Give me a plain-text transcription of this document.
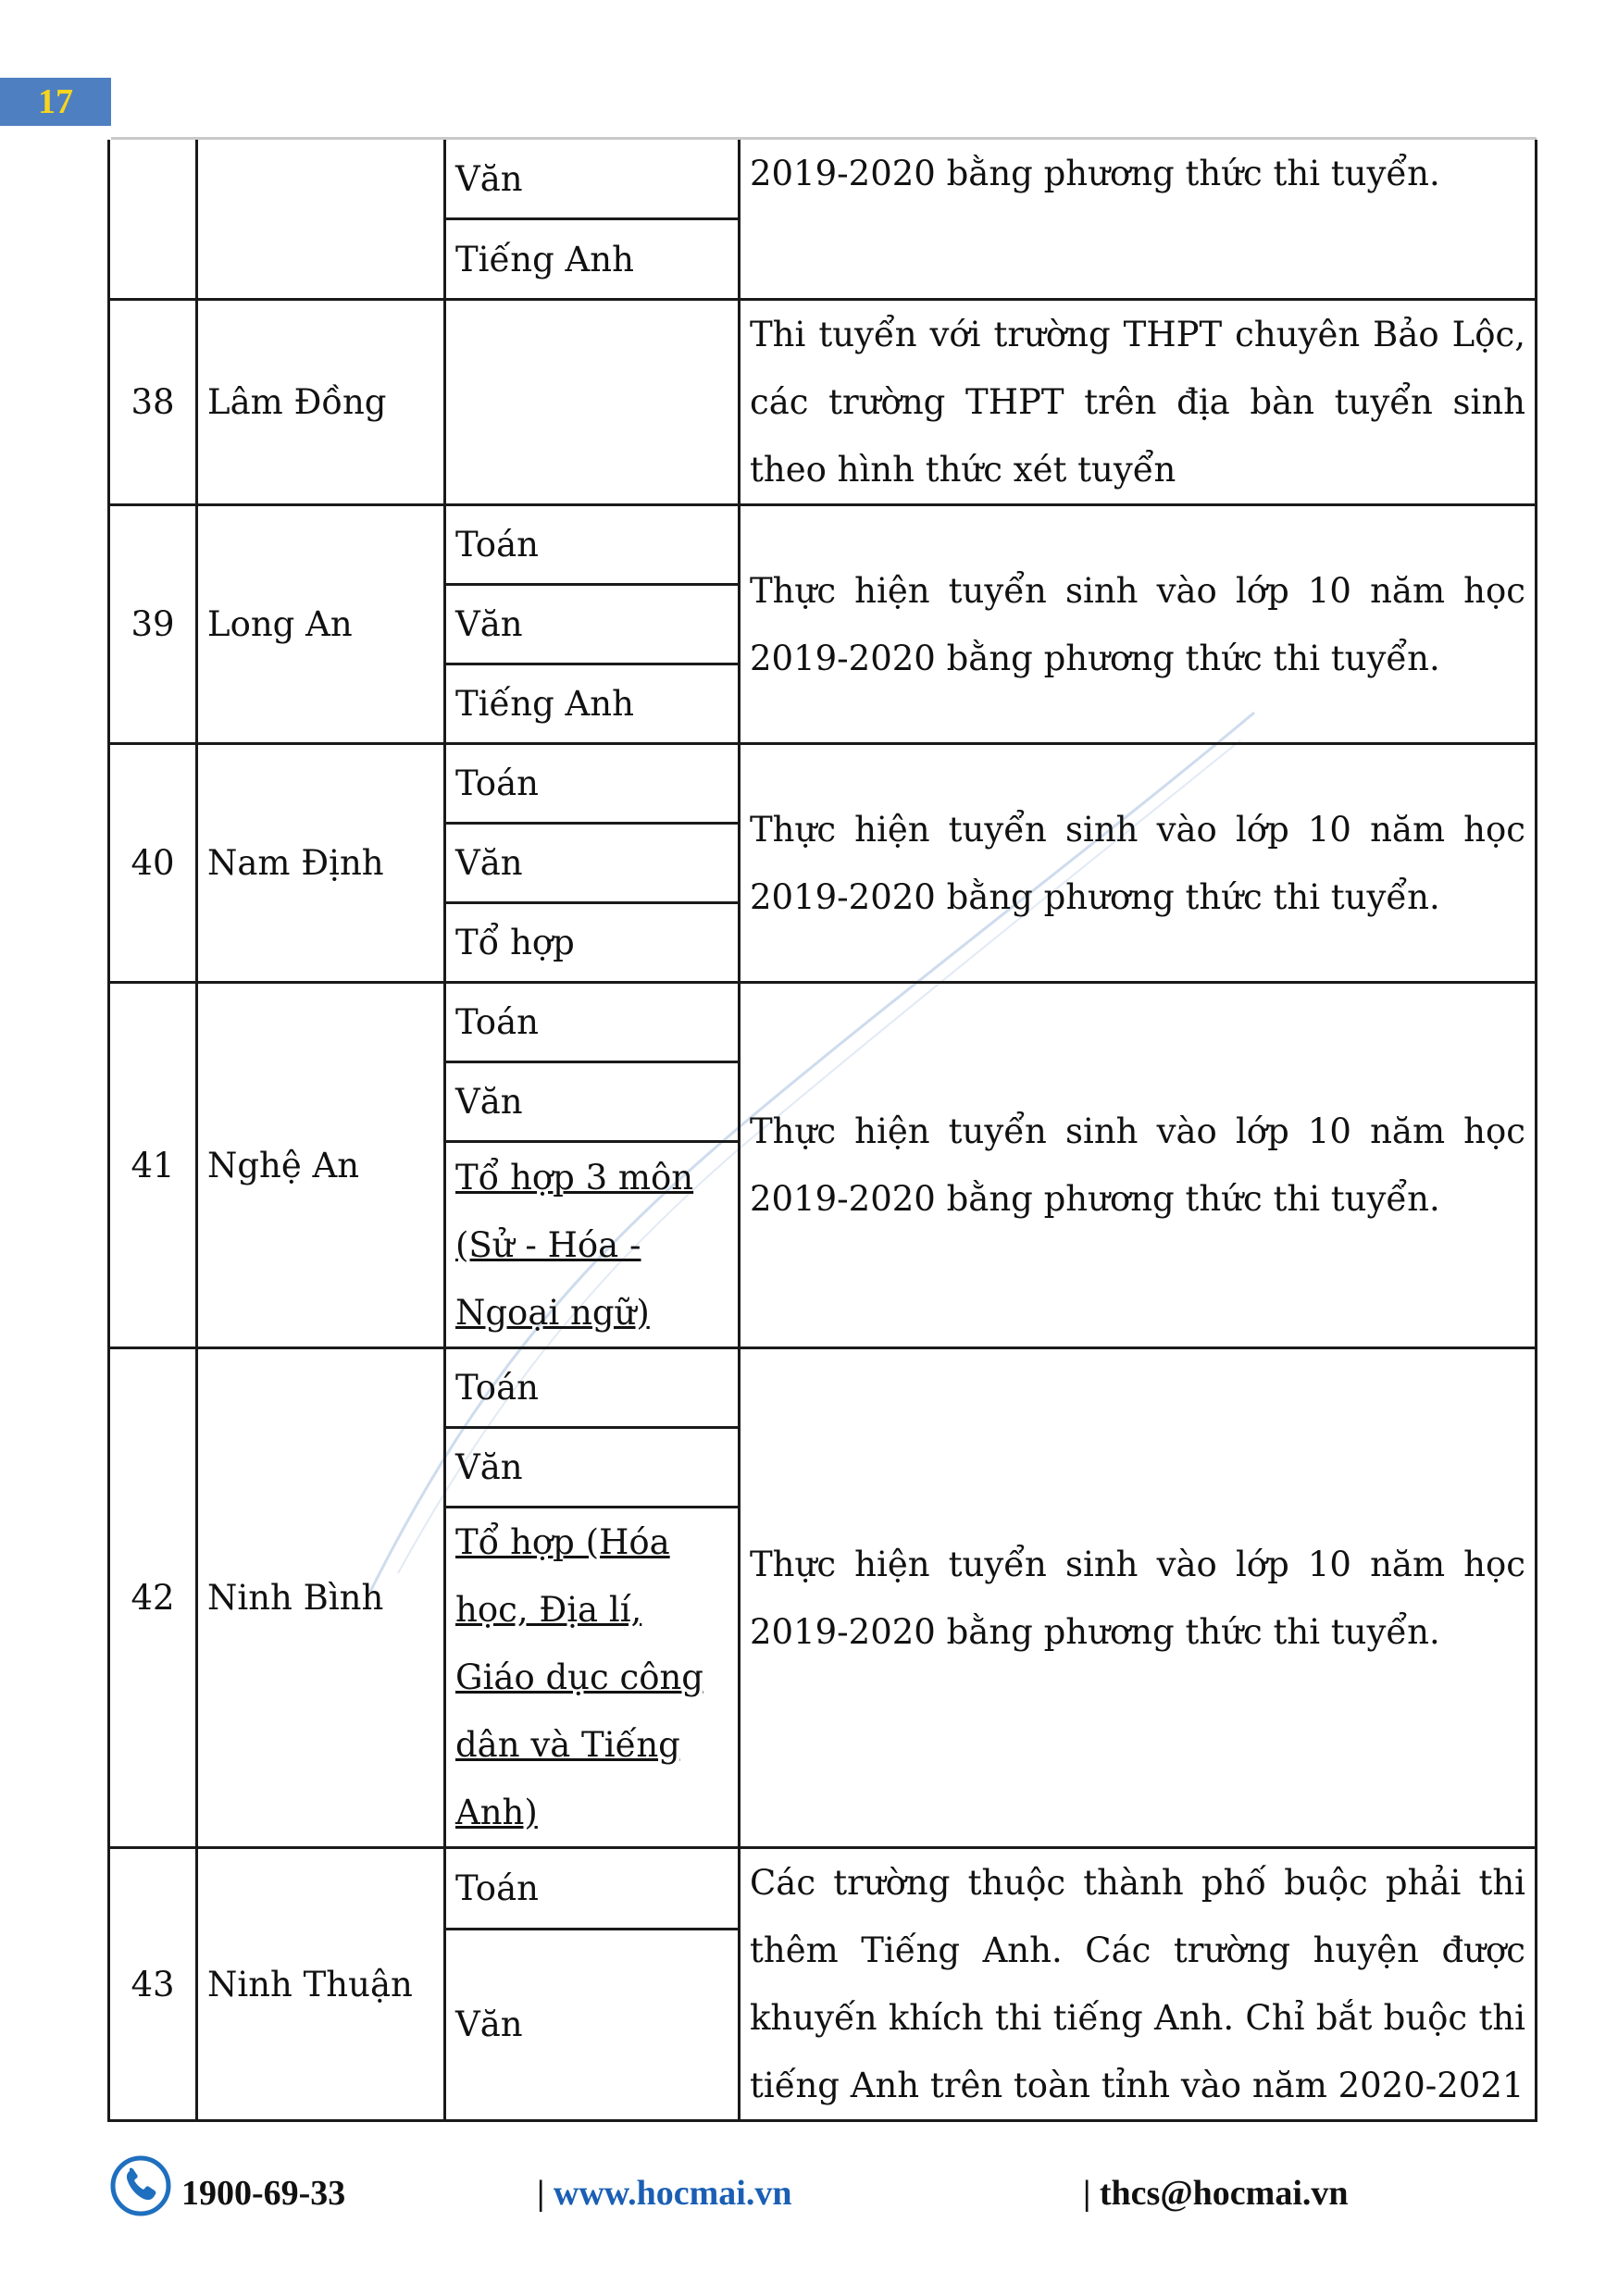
17
		Văn	2019-2020 bằng phương thức thi tuyển.
		Tiếng Anh	
38	Lâm Đồng		Thi tuyển với trường THPT chuyên Bảo Lộc, các trường THPT trên địa bàn tuyển sinh theo hình thức xét tuyển
39	Long An	Toán	Thực hiện tuyển sinh vào lớp 10 năm học 2019-2020 bằng phương thức thi tuyển.
		Văn	
		Tiếng Anh	
40	Nam Định	Toán	Thực hiện tuyển sinh vào lớp 10 năm học 2019-2020 bằng phương thức thi tuyển.
		Văn	
		Tổ hợp	
41	Nghệ An	Toán	Thực hiện tuyển sinh vào lớp 10 năm học 2019-2020 bằng phương thức thi tuyển.
		Văn	
		Tổ hợp 3 môn (Sử - Hóa - Ngoại ngữ)	
42	Ninh Bình	Toán	Thực hiện tuyển sinh vào lớp 10 năm học 2019-2020 bằng phương thức thi tuyển.
		Văn	
		Tổ hợp (Hóa học, Địa lí, Giáo dục công dân và Tiếng Anh)	
43	Ninh Thuận	Toán	Các trường thuộc thành phố buộc phải thi thêm Tiếng Anh. Các trường huyện được khuyến khích thi tiếng Anh. Chỉ bắt buộc thi tiếng Anh trên toàn tỉnh vào năm 2020-2021
		Văn	
1900-69-33	| www.hocmai.vn	| thcs@hocmai.vn
